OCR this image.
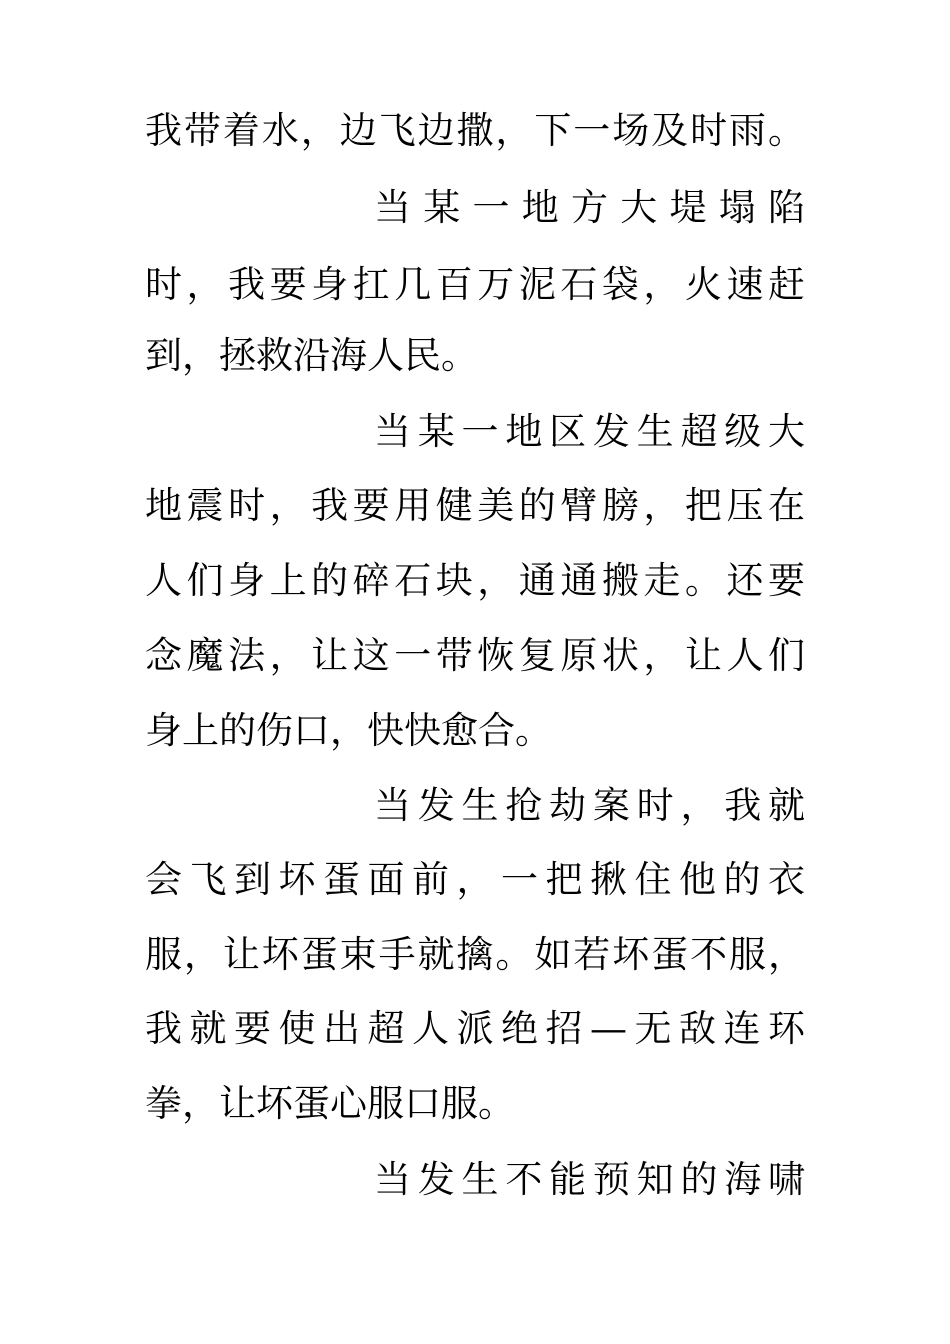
我带着水，边飞边撒，下一场及时雨。
当某一地方大堤塌陷
时，我要身扛几百万泥石袋，火速赶
到，拯救沿海人民。
当某一地区发生超级大
地震时，我要用健美的臂膀，把压在
人们身上的碎石块，通通搬走。还要
念魔法，让这一带恢复原状，让人们
身上的伤口，快快愈合。
当发生抢劫案时，我就
会飞到坏蛋面前，一把揪住他的衣
服，让坏蛋束手就擒。如若坏蛋不服，
我就要使出超人派绝招—无敌连环
拳，让坏蛋心服口服。
当发生不能预知的海啸
